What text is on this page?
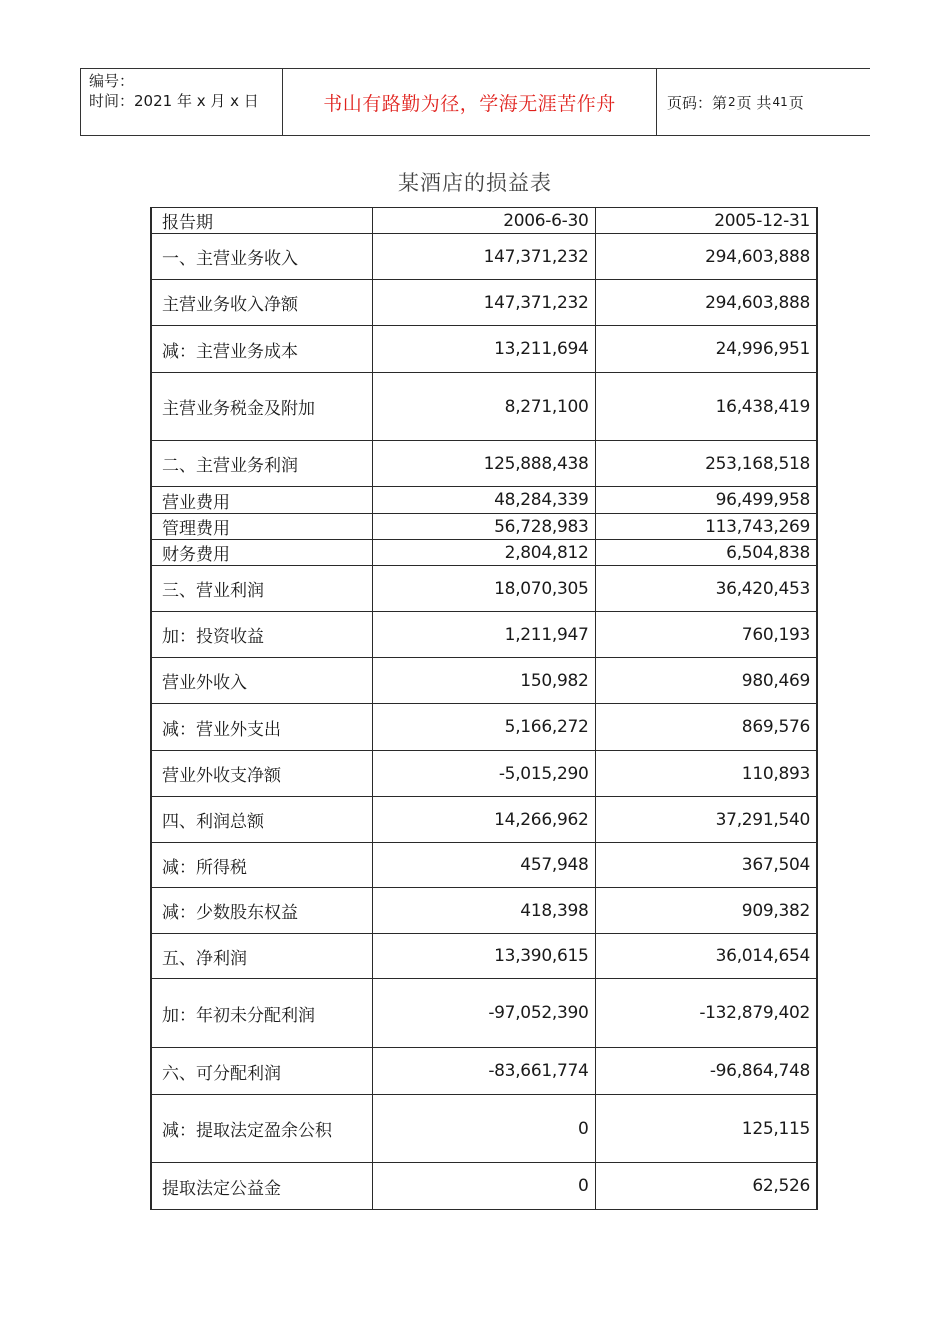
编号：
时间：2021 年 x 月 x 日	书山有路勤为径，学海无涯苦作舟	页码：第 2 页 共 41 页
某酒店的损益表
报告期	2006-6-30	2005-12-31
一、主营业务收入	147,371,232	294,603,888
主营业务收入净额	147,371,232	294,603,888
减：主营业务成本	13,211,694	24,996,951
主营业务税金及附加	8,271,100	16,438,419
二、主营业务利润	125,888,438	253,168,518
营业费用	48,284,339	96,499,958
管理费用	56,728,983	113,743,269
财务费用	2,804,812	6,504,838
三、营业利润	18,070,305	36,420,453
加：投资收益	1,211,947	760,193
营业外收入	150,982	980,469
减：营业外支出	5,166,272	869,576
营业外收支净额	-5,015,290	110,893
四、利润总额	14,266,962	37,291,540
减：所得税	457,948	367,504
减：少数股东权益	418,398	909,382
五、净利润	13,390,615	36,014,654
加：年初未分配利润	-97,052,390	-132,879,402
六、可分配利润	-83,661,774	-96,864,748
减：提取法定盈余公积	0	125,115
提取法定公益金	0	62,526
